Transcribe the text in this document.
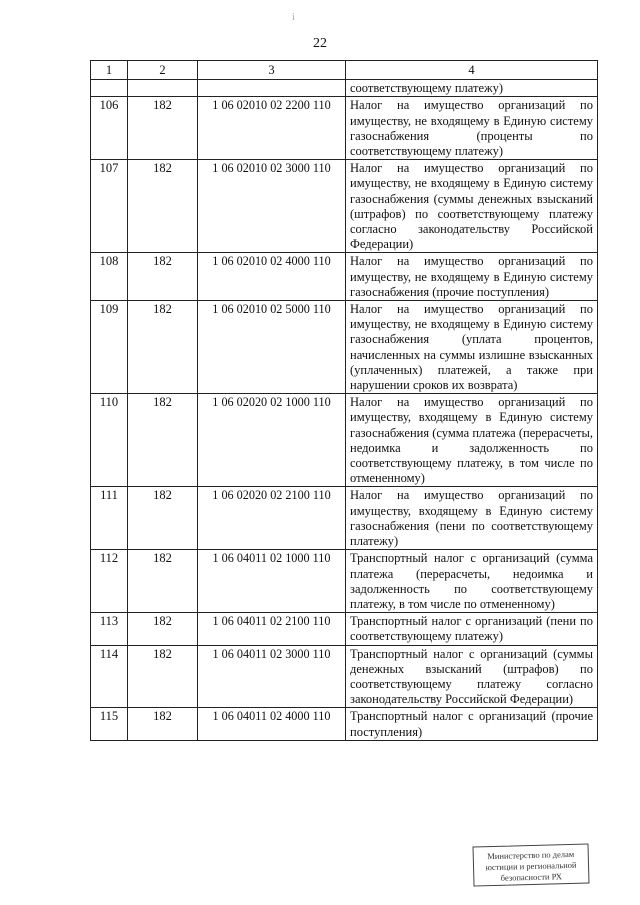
i
22
1	2	3	4
			соответствующему платежу)
106	182	1 06 02010 02 2200 110	Налог на имущество организаций по имуществу, не входящему в Единую систему газоснабжения (проценты по соответствующему платежу)
107	182	1 06 02010 02 3000 110	Налог на имущество организаций по имуществу, не входящему в Единую систему газоснабжения (суммы денежных взысканий (штрафов) по соответствующему платежу согласно законодательству Российской Федерации)
108	182	1 06 02010 02 4000 110	Налог на имущество организаций по имуществу, не входящему в Единую систему газоснабжения (прочие поступления)
109	182	1 06 02010 02 5000 110	Налог на имущество организаций по имуществу, не входящему в Единую систему газоснабжения (уплата процентов, начисленных на суммы излишне взысканных (уплаченных) платежей, а также при нарушении сроков их возврата)
110	182	1 06 02020 02 1000 110	Налог на имущество организаций по имуществу, входящему в Единую систему газоснабжения (сумма платежа (перерасчеты, недоимка и задолженность по соответствующему платежу, в том числе по отмененному)
111	182	1 06 02020 02 2100 110	Налог на имущество организаций по имуществу, входящему в Единую систему газоснабжения (пени по соответствующему платежу)
112	182	1 06 04011 02 1000 110	Транспортный налог с организаций (сумма платежа (перерасчеты, недоимка и задолженность по соответствующему платежу, в том числе по отмененному)
113	182	1 06 04011 02 2100 110	Транспортный налог с организаций (пени по соответствующему платежу)
114	182	1 06 04011 02 3000 110	Транспортный налог с организаций (суммы денежных взысканий (штрафов) по соответствующему платежу согласно законодательству Российской Федерации)
115	182	1 06 04011 02 4000 110	Транспортный налог с организаций (прочие поступления)
Министерство по делам
юстиции и региональной
безопасности РХ
